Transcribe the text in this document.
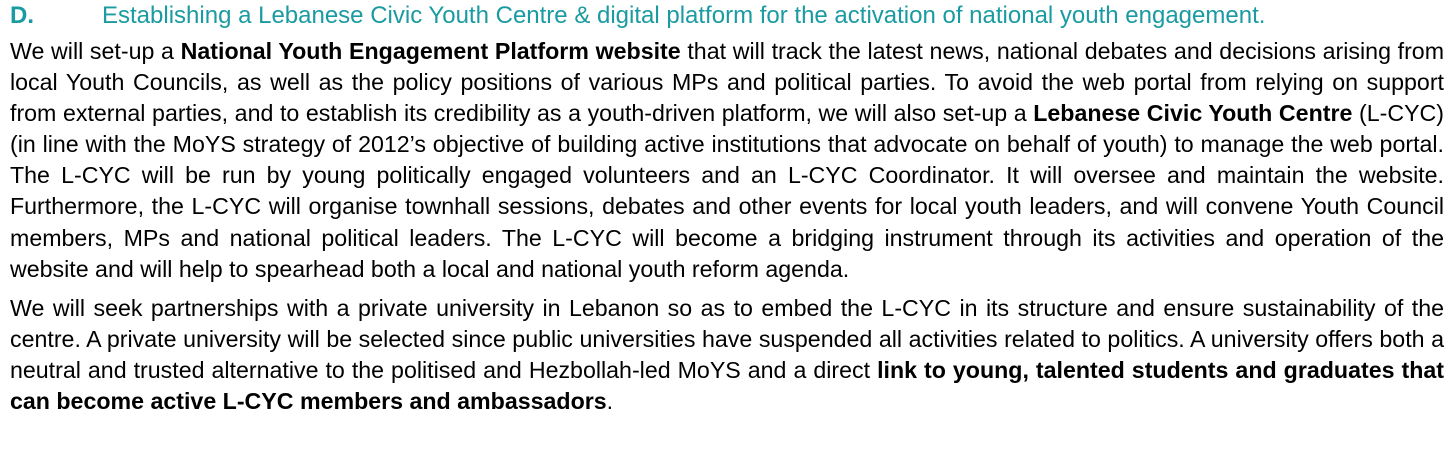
D.	Establishing a Lebanese Civic Youth Centre & digital platform for the activation of national youth engagement.

We will set-up a National Youth Engagement Platform website that will track the latest news, national debates and decisions arising from local Youth Councils, as well as the policy positions of various MPs and political parties. To avoid the web portal from relying on support from external parties, and to establish its credibility as a youth-driven platform, we will also set-up a Lebanese Civic Youth Centre (L-CYC) (in line with the MoYS strategy of 2012’s objective of building active institutions that advocate on behalf of youth) to manage the web portal. The L-CYC will be run by young politically engaged volunteers and an L-CYC Coordinator. It will oversee and maintain the website. Furthermore, the L-CYC will organise townhall sessions, debates and other events for local youth leaders, and will convene Youth Council members, MPs and national political leaders. The L-CYC will become a bridging instrument through its activities and operation of the website and will help to spearhead both a local and national youth reform agenda.

We will seek partnerships with a private university in Lebanon so as to embed the L-CYC in its structure and ensure sustainability of the centre. A private university will be selected since public universities have suspended all activities related to politics. A university offers both a neutral and trusted alternative to the politised and Hezbollah-led MoYS and a direct link to young, talented students and graduates that can become active L-CYC members and ambassadors.
